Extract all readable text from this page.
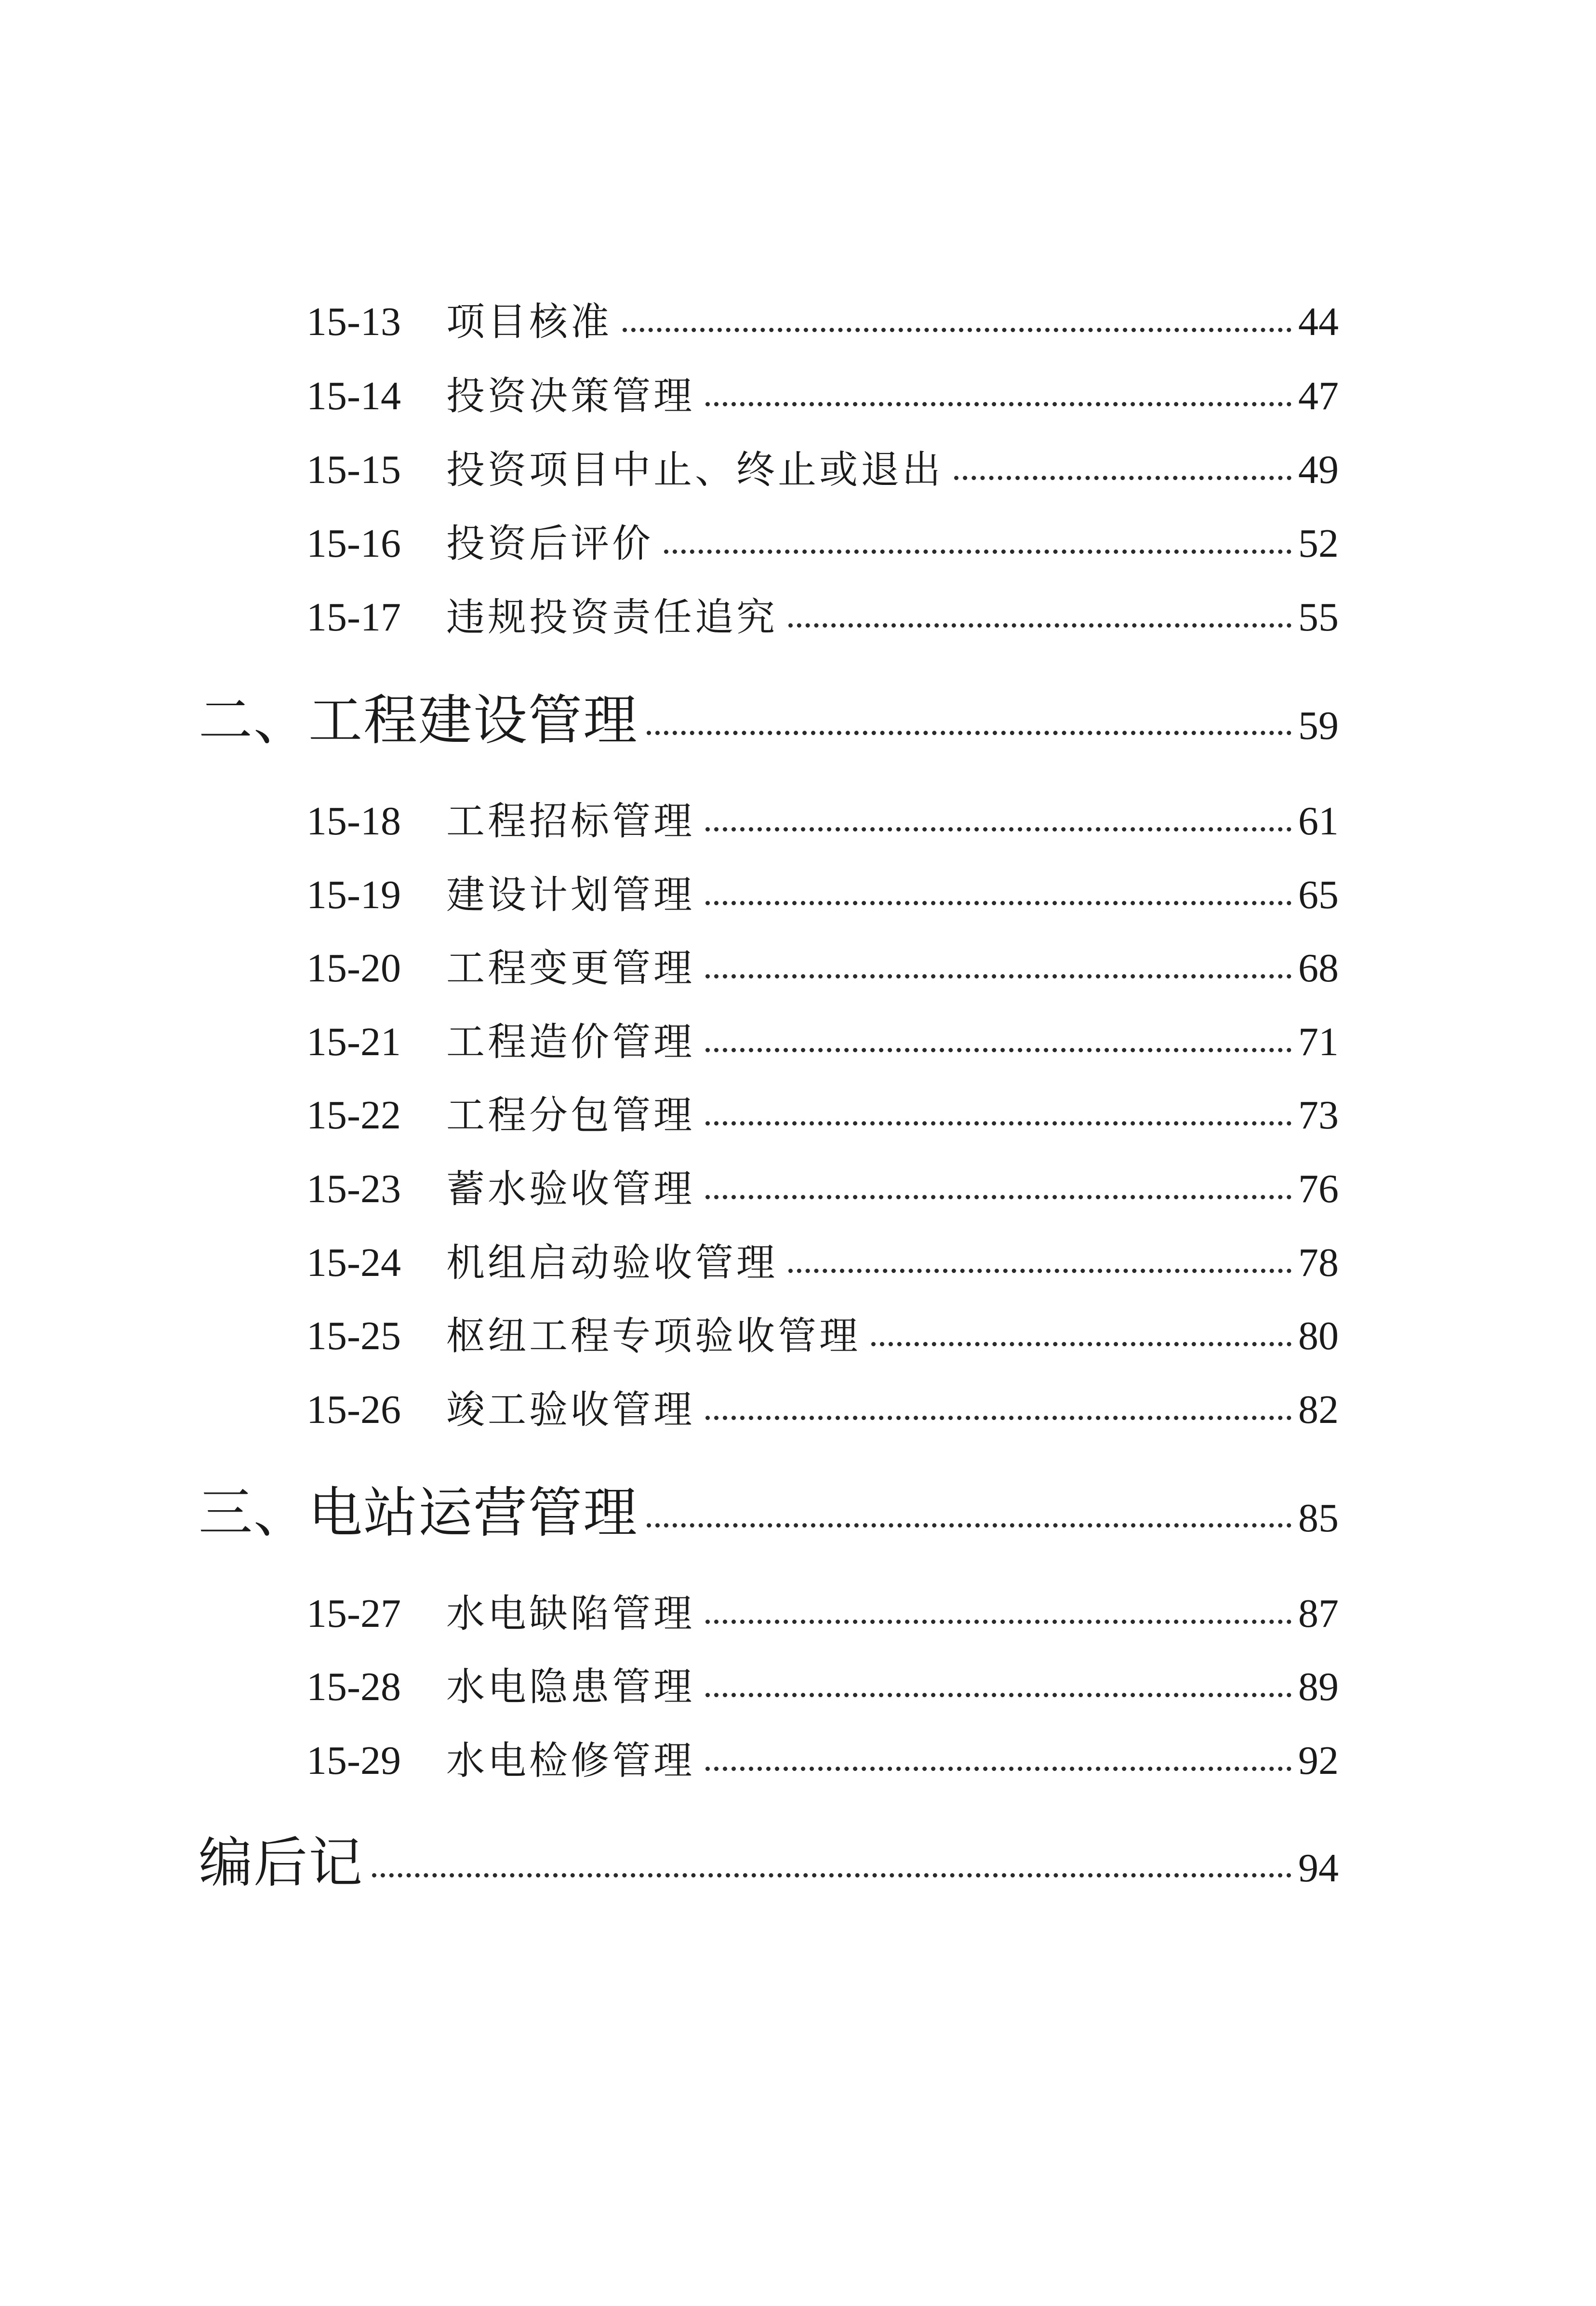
15-13	项目核准	44
15-14	投资决策管理	47
15-15	投资项目中止、终止或退出	49
15-16	投资后评价	52
15-17	违规投资责任追究	55
二、工程建设管理	59
15-18	工程招标管理	61
15-19	建设计划管理	65
15-20	工程变更管理	68
15-21	工程造价管理	71
15-22	工程分包管理	73
15-23	蓄水验收管理	76
15-24	机组启动验收管理	78
15-25	枢纽工程专项验收管理	80
15-26	竣工验收管理	82
三、电站运营管理	85
15-27	水电缺陷管理	87
15-28	水电隐患管理	89
15-29	水电检修管理	92
编后记	94
